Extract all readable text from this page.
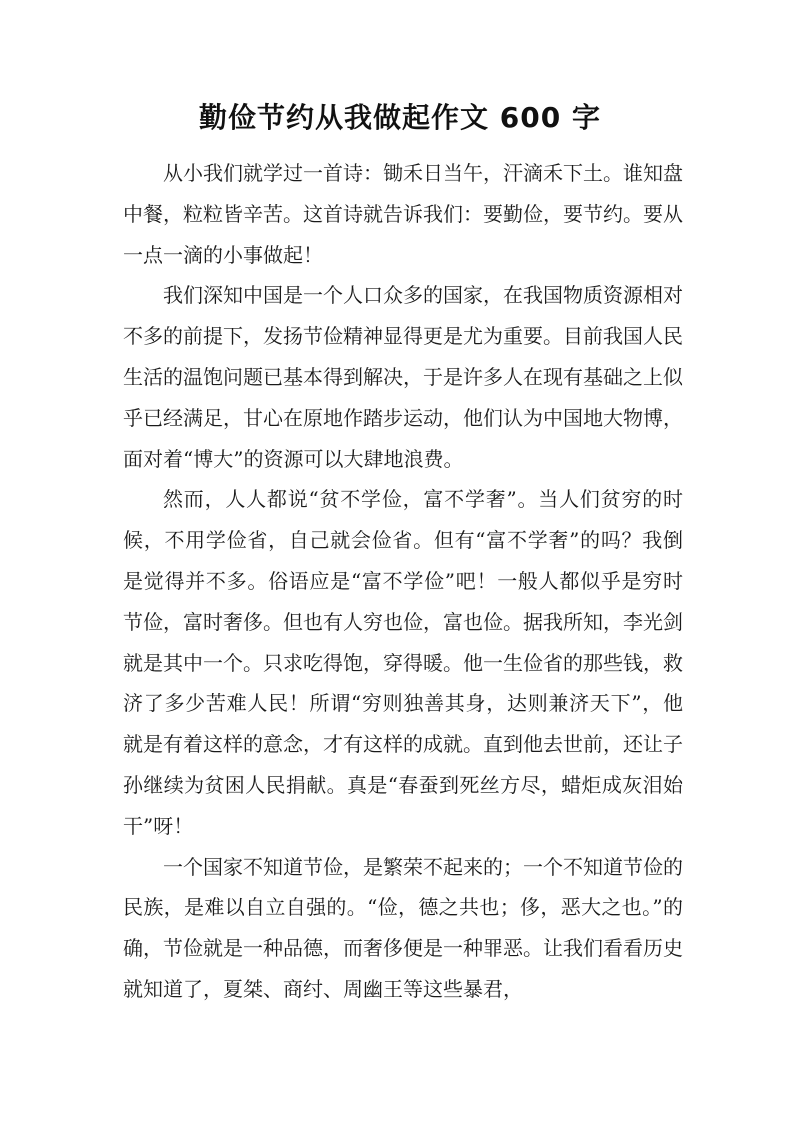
勤俭节约从我做起作文 600 字

从小我们就学过一首诗：锄禾日当午，汗滴禾下土。谁知盘中餐，粒粒皆辛苦。这首诗就告诉我们：要勤俭，要节约。要从一点一滴的小事做起！

我们深知中国是一个人口众多的国家，在我国物质资源相对不多的前提下，发扬节俭精神显得更是尤为重要。目前我国人民生活的温饱问题已基本得到解决，于是许多人在现有基础之上似乎已经满足，甘心在原地作踏步运动，他们认为中国地大物博，面对着“博大”的资源可以大肆地浪费。

然而，人人都说“贫不学俭，富不学奢”。当人们贫穷的时候，不用学俭省，自己就会俭省。但有“富不学奢”的吗？我倒是觉得并不多。俗语应是“富不学俭”吧！一般人都似乎是穷时节俭，富时奢侈。但也有人穷也俭，富也俭。据我所知，李光剑就是其中一个。只求吃得饱，穿得暖。他一生俭省的那些钱，救济了多少苦难人民！所谓“穷则独善其身，达则兼济天下”，他就是有着这样的意念，才有这样的成就。直到他去世前，还让子孙继续为贫困人民捐献。真是“春蚕到死丝方尽，蜡炬成灰泪始干”呀！

一个国家不知道节俭，是繁荣不起来的；一个不知道节俭的民族，是难以自立自强的。“俭，德之共也；侈，恶大之也。”的确，节俭就是一种品德，而奢侈便是一种罪恶。让我们看看历史就知道了，夏桀、商纣、周幽王等这些暴君，
